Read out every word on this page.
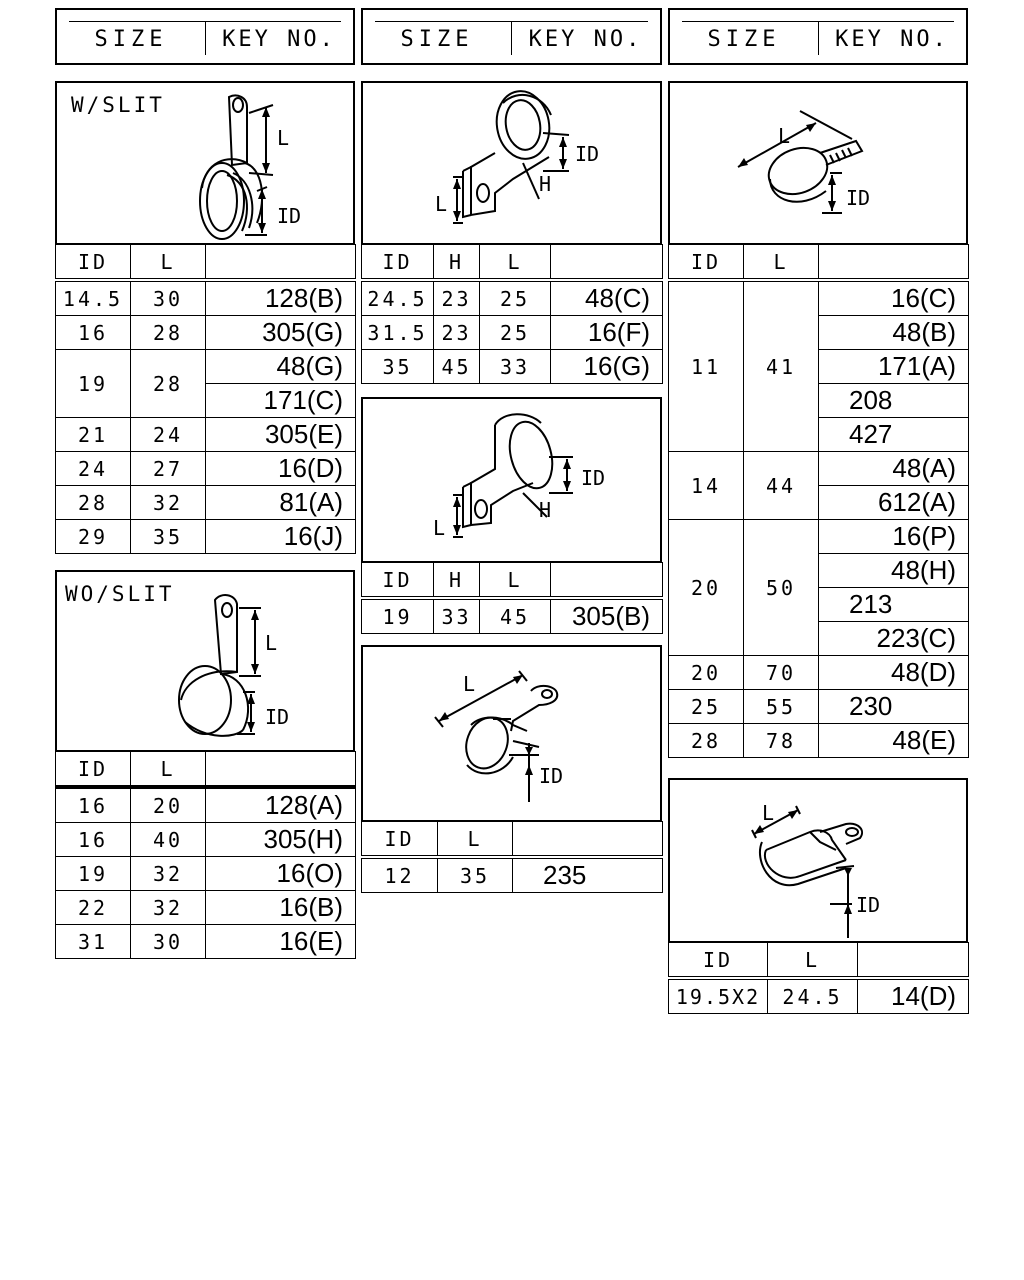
SIZE	KEY NO.	SIZE	KEY NO.	SIZE	KEY NO.
W/SLIT
L
ID
ID	L	
14.5	30	128(B)
16	28	305(G)
19	28	48(G)
		171(C)
21	24	305(E)
24	27	16(D)
28	32	81(A)
29	35	16(J)
WO/SLIT
L
ID
ID	L	
16	20	128(A)
16	40	305(H)
19	32	16(O)
22	32	16(B)
31	30	16(E)
ID
H
L
ID	H	L	
24.5	23	25	48(C)
31.5	23	25	16(F)
35	45	33	16(G)
ID
H
L
ID	H	L	
19	33	45	305(B)
L
ID
ID	L	
12	35	235
L
ID
ID	L	
11	41	16(C)
		48(B)
		171(A)
		208
		427
14	44	48(A)
		612(A)
20	50	16(P)
		48(H)
		213
		223(C)
20	70	48(D)
25	55	230
28	78	48(E)
L
ID
ID	L	
19.5X2	24.5	14(D)
